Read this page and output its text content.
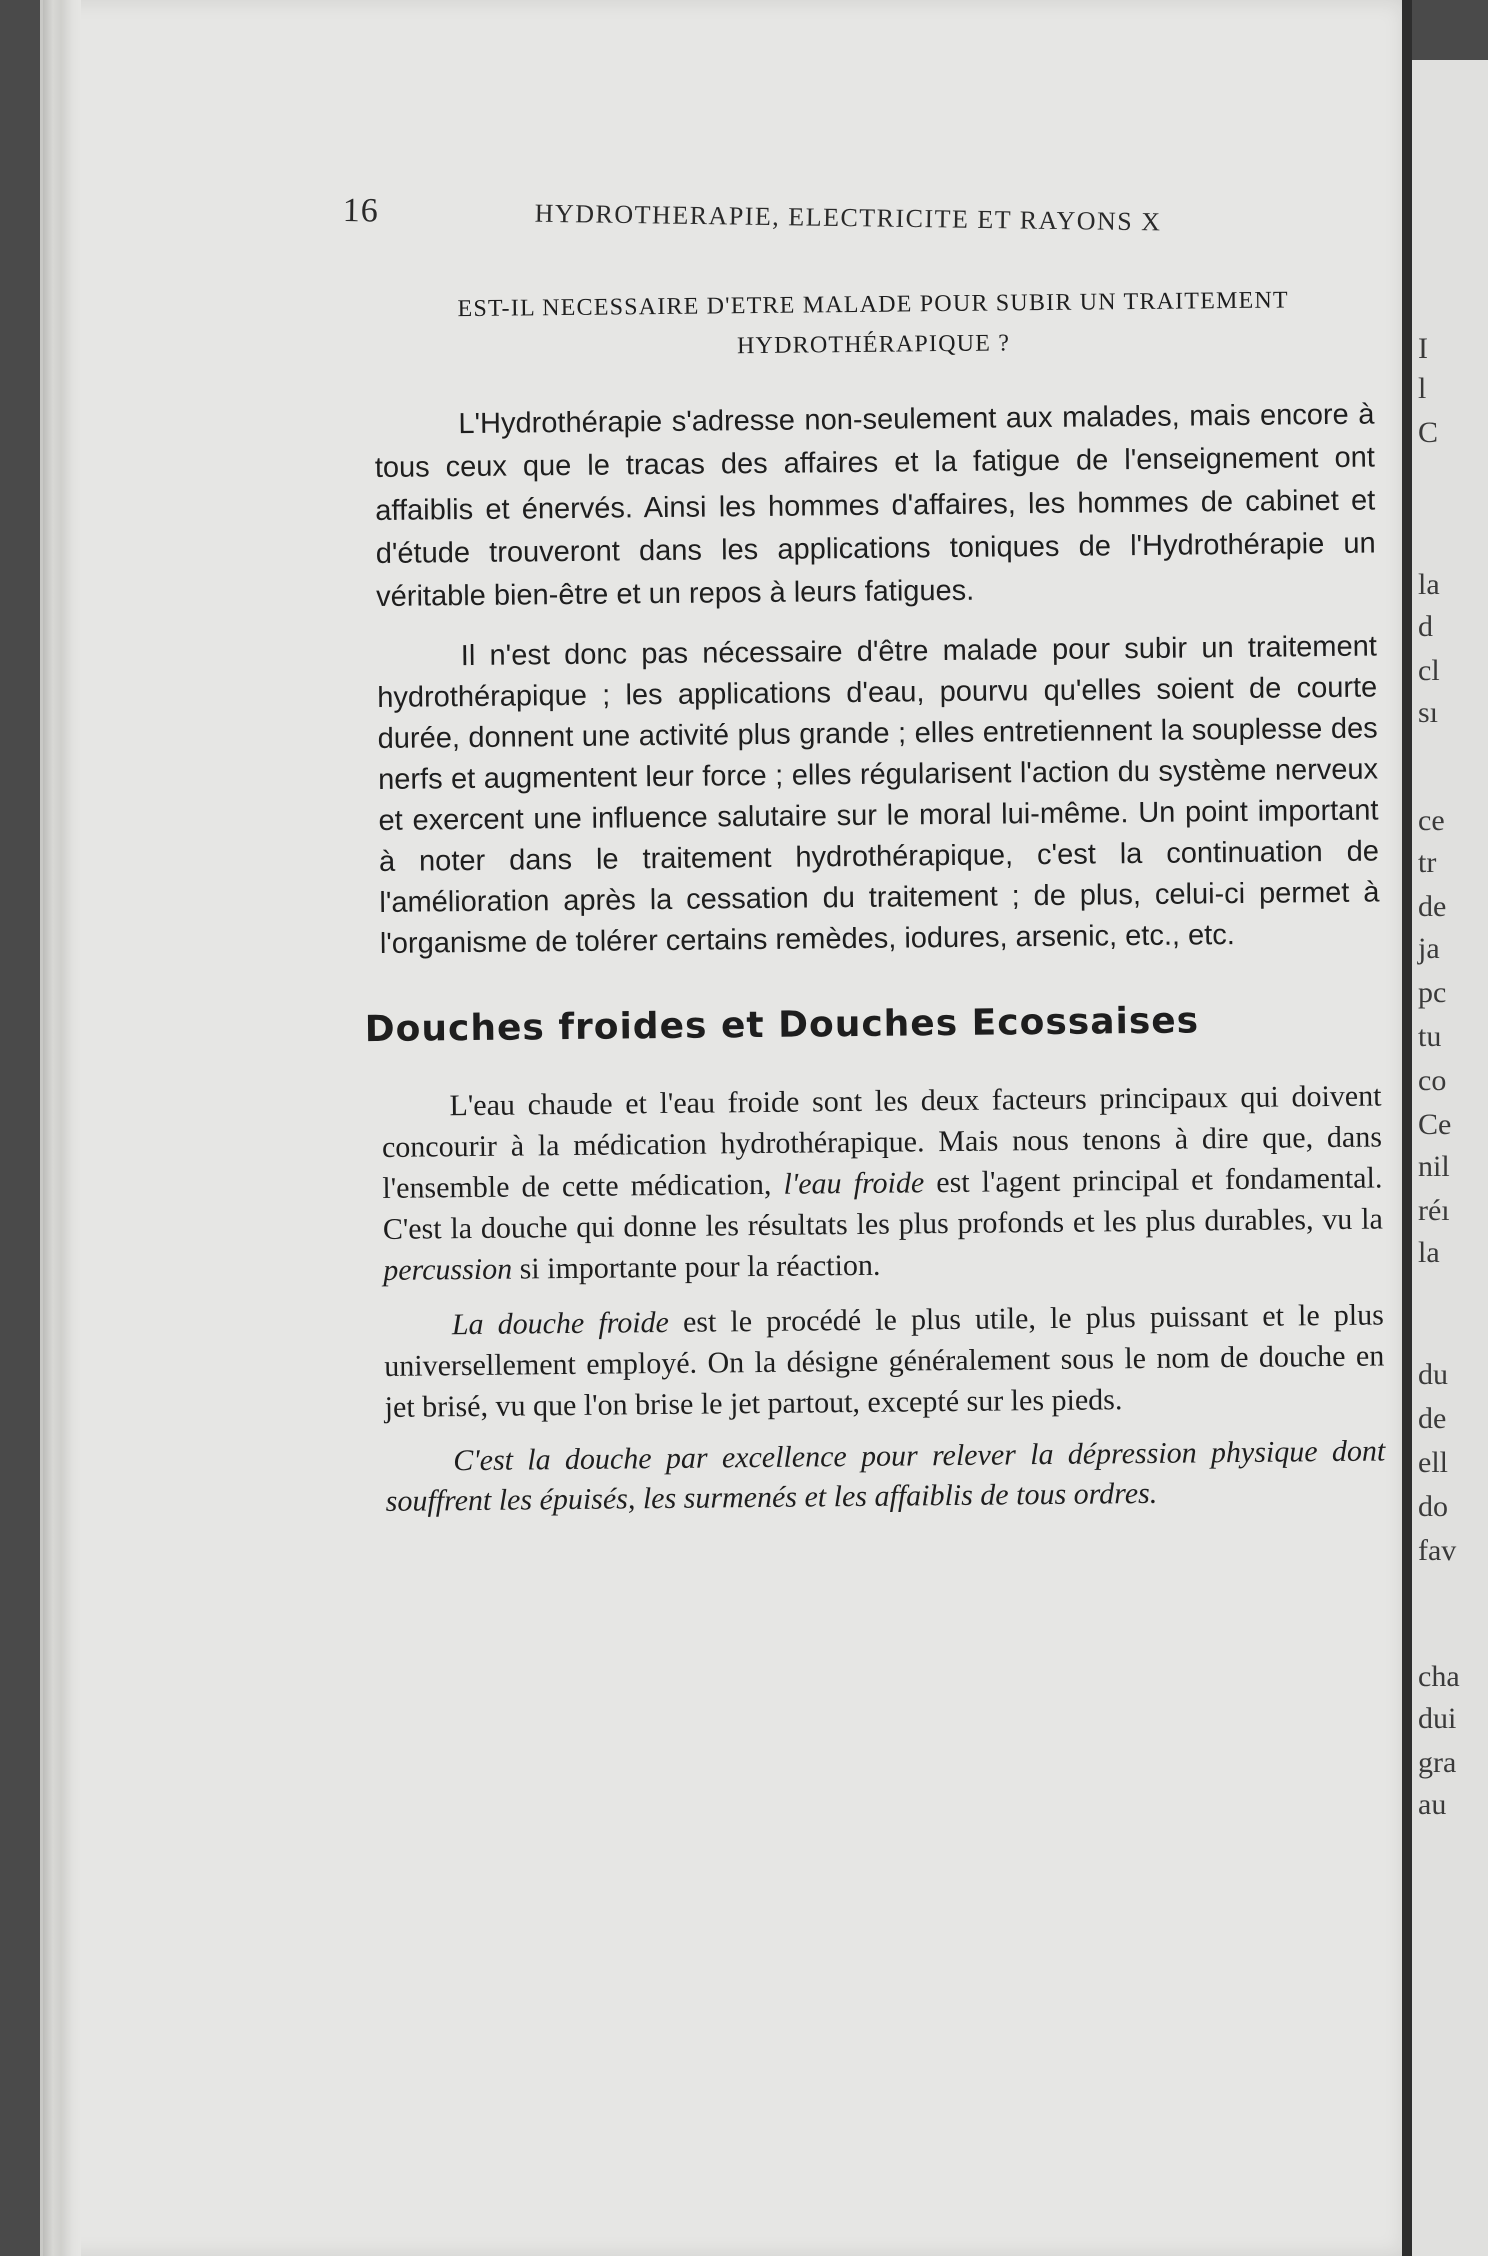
16	HYDROTHERAPIE, ELECTRICITE ET RAYONS X
EST-IL NECESSAIRE D'ETRE MALADE POUR SUBIR UN TRAITEMENT
HYDROTHÉRAPIQUE ?

L'Hydrothérapie s'adresse non-seulement aux malades, mais encore à tous ceux que le tracas des affaires et la fatigue de l'enseignement ont affaiblis et énervés. Ainsi les hommes d'affaires, les hommes de cabinet et d'étude trouveront dans les applications toniques de l'Hydrothérapie un véritable bien-être et un repos à leurs fatigues.

Il n'est donc pas nécessaire d'être malade pour subir un traitement hydrothérapique ; les applications d'eau, pourvu qu'elles soient de courte durée, donnent une activité plus grande ; elles entretiennent la souplesse des nerfs et augmentent leur force ; elles régularisent l'action du système nerveux et exercent une influence salutaire sur le moral lui-même. Un point important à noter dans le traitement hydrothérapique, c'est la continuation de l'amélioration après la cessation du traitement ; de plus, celui-ci permet à l'organisme de tolérer certains remèdes, iodures, arsenic, etc., etc.

Douches froides et Douches Ecossaises

L'eau chaude et l'eau froide sont les deux facteurs principaux qui doivent concourir à la médication hydrothérapique. Mais nous tenons à dire que, dans l'ensemble de cette médication, l'eau froide est l'agent principal et fondamental. C'est la douche qui donne les résultats les plus profonds et les plus durables, vu la percussion si importante pour la réaction.

La douche froide est le procédé le plus utile, le plus puissant et le plus universellement employé. On la désigne généralement sous le nom de douche en jet brisé, vu que l'on brise le jet partout, excepté sur les pieds.

C'est la douche par excellence pour relever la dépression physique dont souffrent les épuisés, les surmenés et les affaiblis de tous ordres.

I
l
C
la
d
cl
sı
ce
tr
de
ja
pc
tu
co
Ce
nil
réı
la
du
de
ell
do
fav
cha
dui
gra
au
